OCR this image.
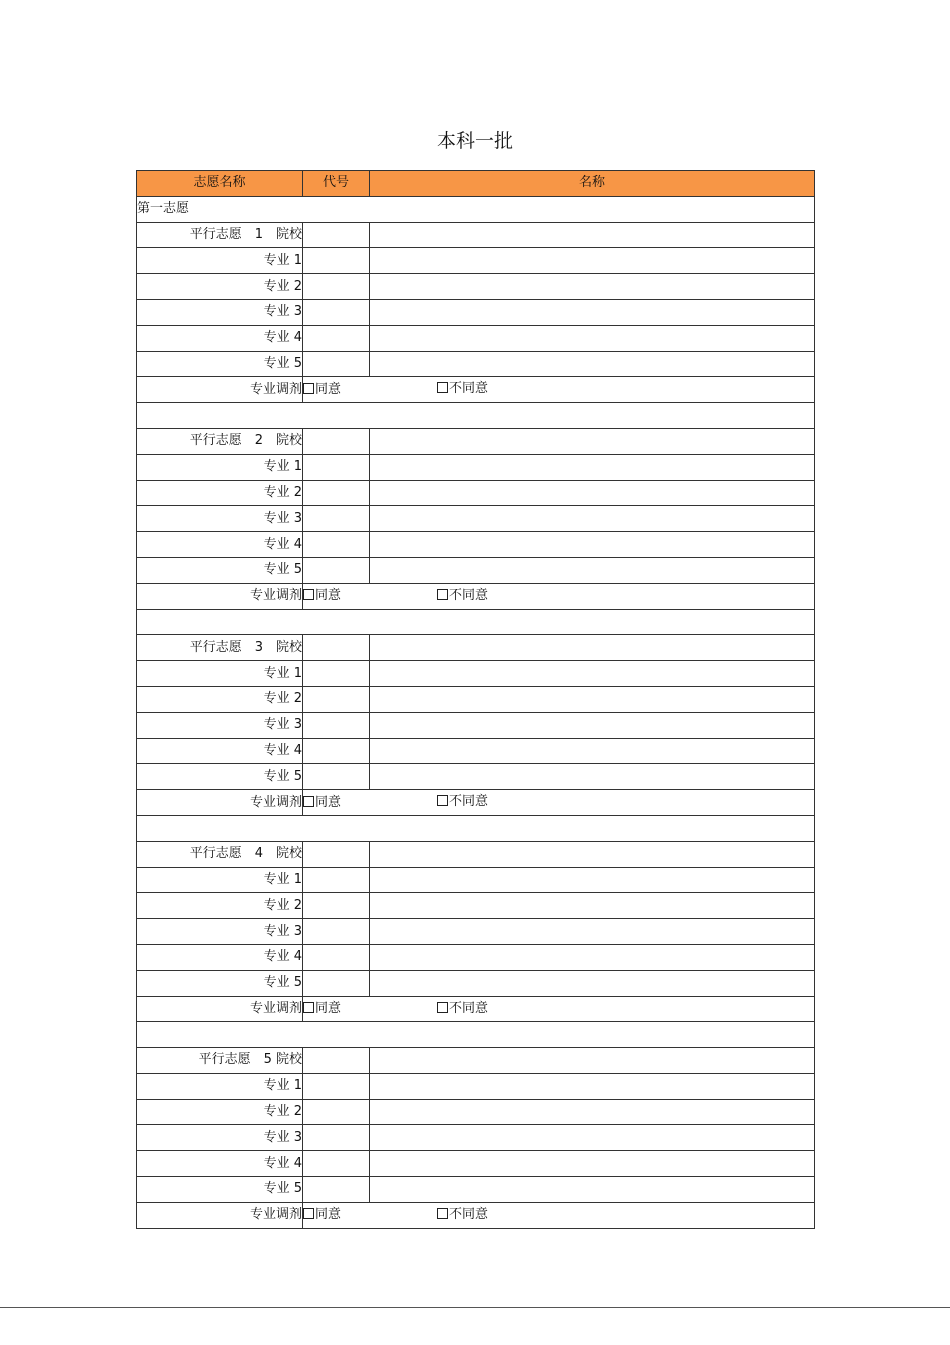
本科一批
志愿名称	代号	名称
第一志愿		
平行志愿　1　院校		
专业 1		
专业 2		
专业 3		
专业 4		
专业 5		
专业调剂	同意 不同意	

平行志愿　2　院校		
专业 1		
专业 2		
专业 3		
专业 4		
专业 5		
专业调剂	同意 不同意	

平行志愿　3　院校		
专业 1		
专业 2		
专业 3		
专业 4		
专业 5		
专业调剂	同意 不同意	

平行志愿　4　院校		
专业 1		
专业 2		
专业 3		
专业 4		
专业 5		
专业调剂	同意 不同意	

平行志愿　5 院校		
专业 1		
专业 2		
专业 3		
专业 4		
专业 5		
专业调剂	同意 不同意	
